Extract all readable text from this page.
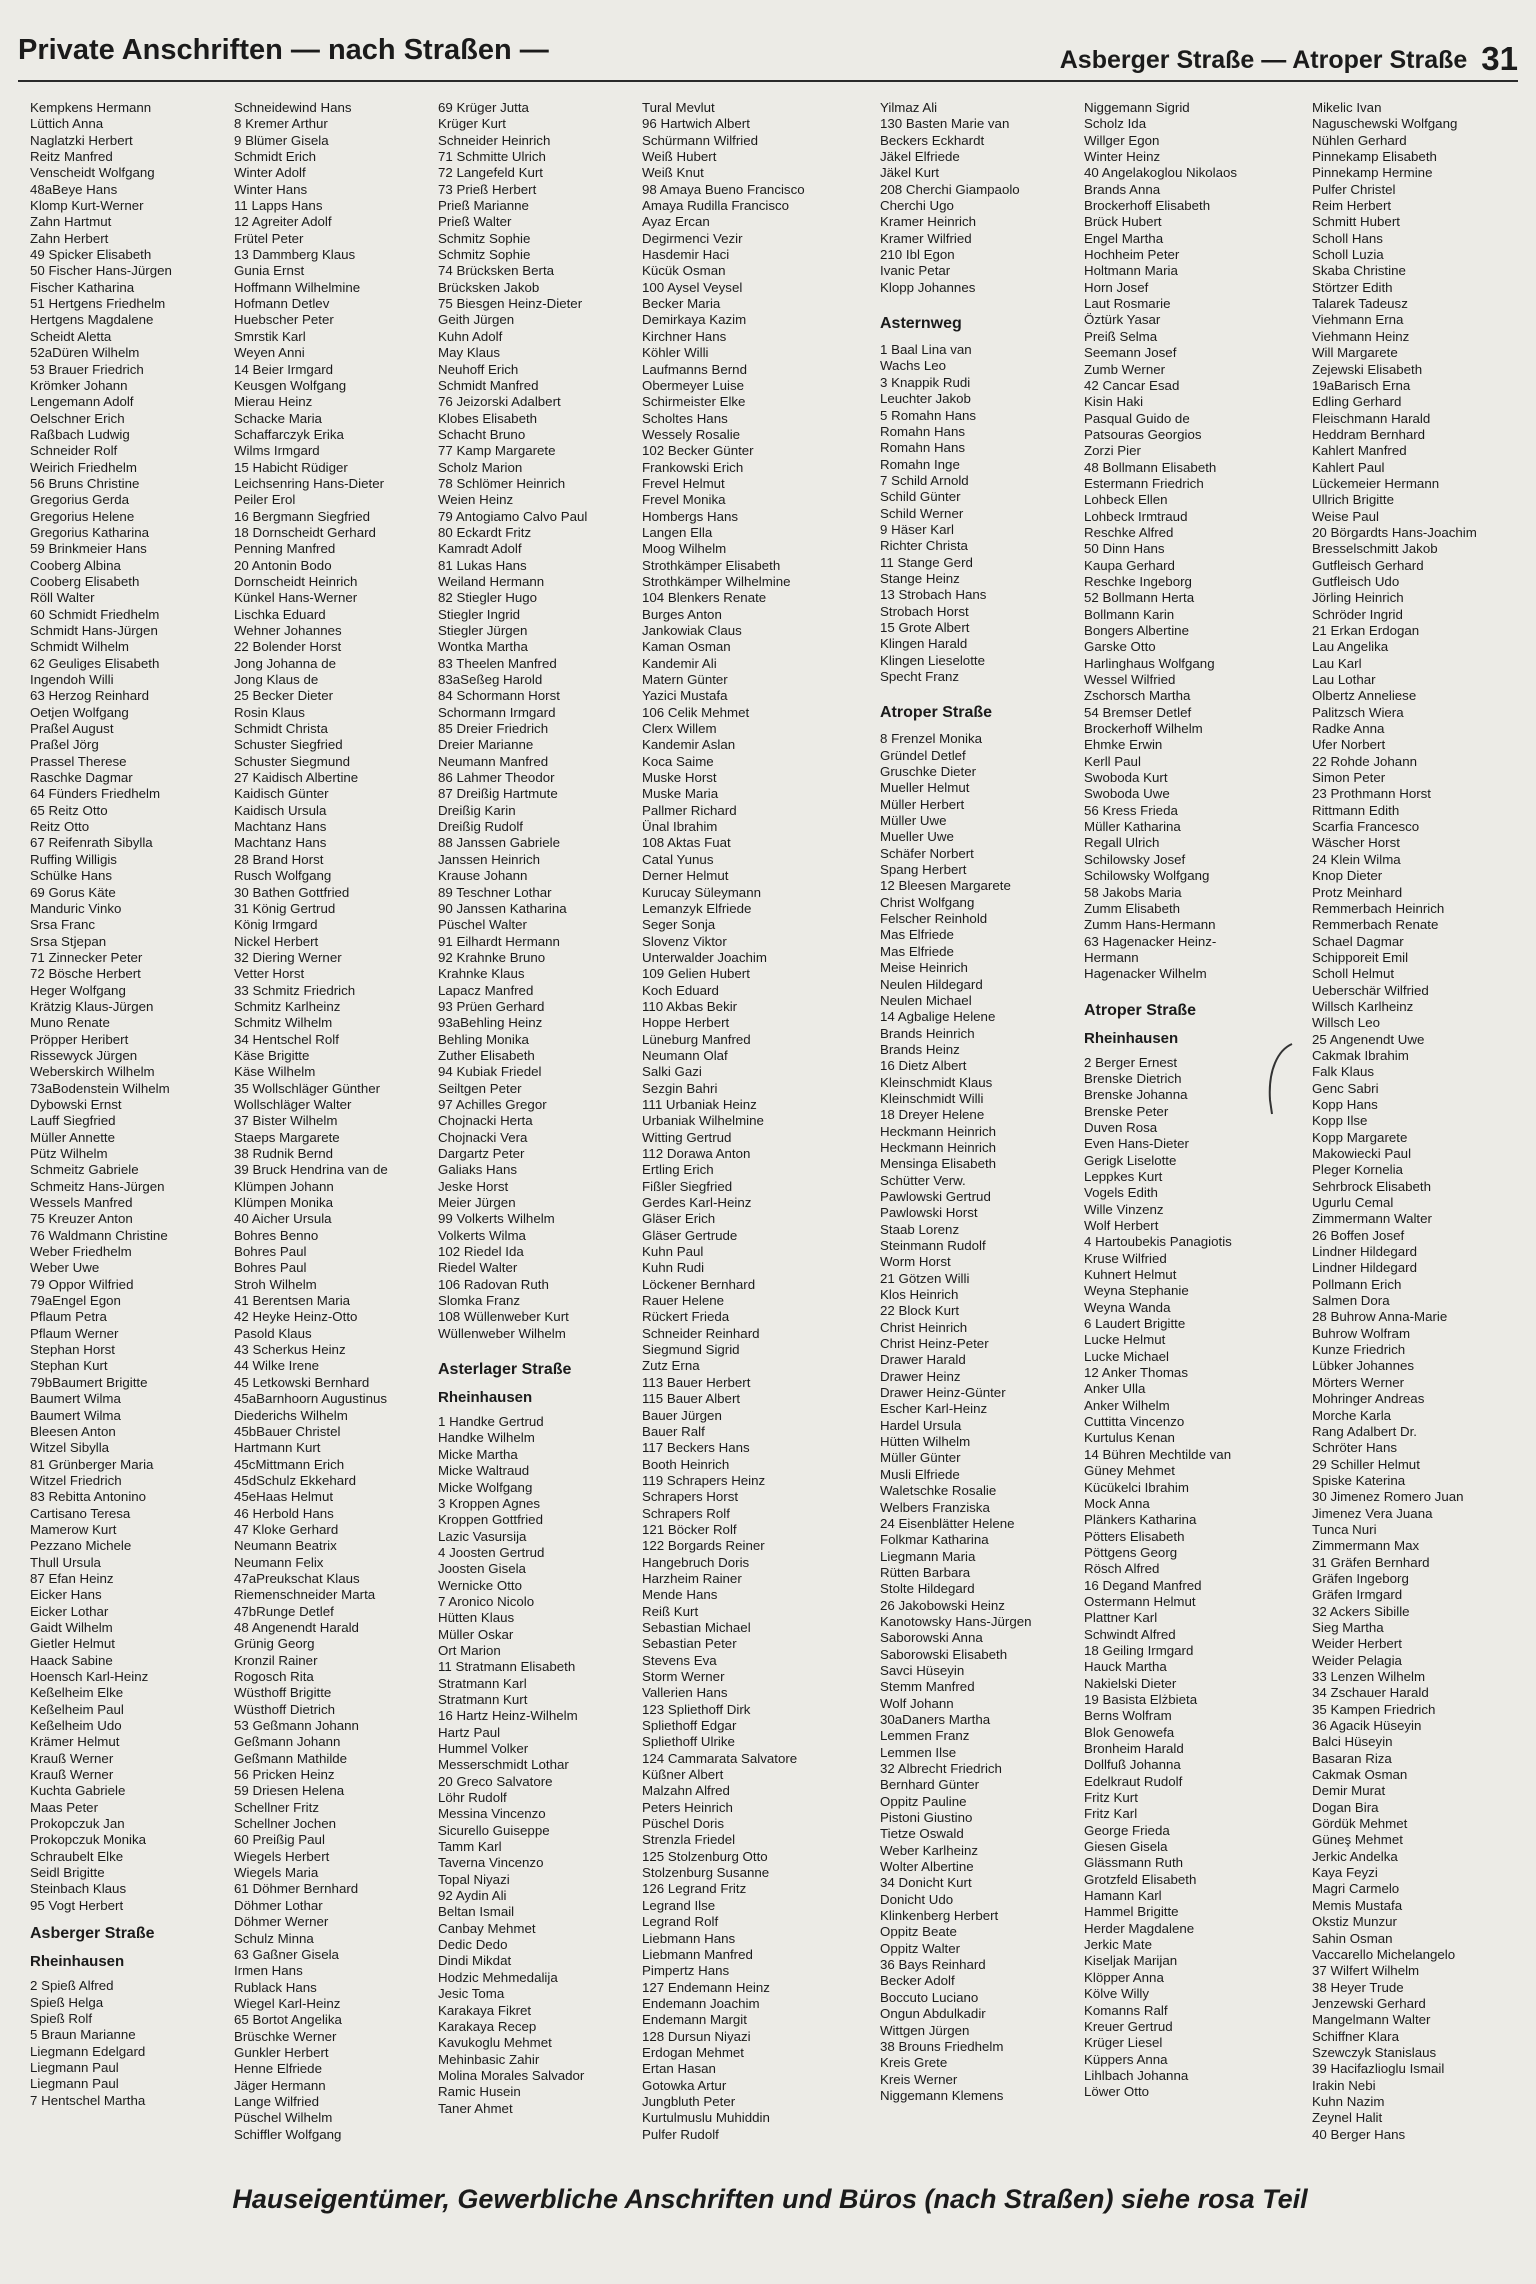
Private Anschriften — nach Straßen —	Asberger Straße — Atroper Straße 31
Kempkens Hermann
Lüttich Anna
Naglatzki Herbert
Reitz Manfred
Venscheidt Wolfgang
48aBeye Hans
Klomp Kurt-Werner
Zahn Hartmut
Zahn Herbert
49 Spicker Elisabeth
50 Fischer Hans-Jürgen
Fischer Katharina
51 Hertgens Friedhelm
Hertgens Magdalene
Scheidt Aletta
52aDüren Wilhelm
53 Brauer Friedrich
Krömker Johann
Lengemann Adolf
Oelschner Erich
Raßbach Ludwig
Schneider Rolf
Weirich Friedhelm
56 Bruns Christine
Gregorius Gerda
Gregorius Helene
Gregorius Katharina
59 Brinkmeier Hans
Cooberg Albina
Cooberg Elisabeth
Röll Walter
60 Schmidt Friedhelm
Schmidt Hans-Jürgen
Schmidt Wilhelm
62 Geuliges Elisabeth
Ingendoh Willi
63 Herzog Reinhard
Oetjen Wolfgang
Praßel August
Praßel Jörg
Prassel Therese
Raschke Dagmar
64 Fünders Friedhelm
65 Reitz Otto
Reitz Otto
67 Reifenrath Sibylla
Ruffing Willigis
Schülke Hans
69 Gorus Käte
Manduric Vinko
Srsa Franc
Srsa Stjepan
71 Zinnecker Peter
72 Bösche Herbert
Heger Wolfgang
Krätzig Klaus-Jürgen
Muno Renate
Pröpper Heribert
Rissewyck Jürgen
Weberskirch Wilhelm
73aBodenstein Wilhelm
Dybowski Ernst
Lauff Siegfried
Müller Annette
Pütz Wilhelm
Schmeitz Gabriele
Schmeitz Hans-Jürgen
Wessels Manfred
75 Kreuzer Anton
76 Waldmann Christine
Weber Friedhelm
Weber Uwe
79 Oppor Wilfried
79aEngel Egon
Pflaum Petra
Pflaum Werner
Stephan Horst
Stephan Kurt
79bBaumert Brigitte
Baumert Wilma
Baumert Wilma
Bleesen Anton
Witzel Sibylla
81 Grünberger Maria
Witzel Friedrich
83 Rebitta Antonino
Cartisano Teresa
Mamerow Kurt
Pezzano Michele
Thull Ursula
87 Efan Heinz
Eicker Hans
Eicker Lothar
Gaidt Wilhelm
Gietler Helmut
Haack Sabine
Hoensch Karl-Heinz
Keßelheim Elke
Keßelheim Paul
Keßelheim Udo
Krämer Helmut
Krauß Werner
Krauß Werner
Kuchta Gabriele
Maas Peter
Prokopczuk Jan
Prokopczuk Monika
Schraubelt Elke
Seidl Brigitte
Steinbach Klaus
95 Vogt Herbert
Asberger Straße
Rheinhausen
2 Spieß Alfred
Spieß Helga
Spieß Rolf
5 Braun Marianne
Liegmann Edelgard
Liegmann Paul
Liegmann Paul
7 Hentschel Martha
Schneidewind Hans
8 Kremer Arthur
9 Blümer Gisela
Schmidt Erich
Winter Adolf
Winter Hans
11 Lapps Hans
12 Agreiter Adolf
Frütel Peter
13 Dammberg Klaus
Gunia Ernst
Hoffmann Wilhelmine
Hofmann Detlev
Huebscher Peter
Smrstik Karl
Weyen Anni
14 Beier Irmgard
Keusgen Wolfgang
Mierau Heinz
Schacke Maria
Schaffarczyk Erika
Wilms Irmgard
15 Habicht Rüdiger
Leichsenring Hans-Dieter
Peiler Erol
16 Bergmann Siegfried
18 Dornscheidt Gerhard
Penning Manfred
20 Antonin Bodo
Dornscheidt Heinrich
Künkel Hans-Werner
Lischka Eduard
Wehner Johannes
22 Bolender Horst
Jong Johanna de
Jong Klaus de
25 Becker Dieter
Rosin Klaus
Schmidt Christa
Schuster Siegfried
Schuster Siegmund
27 Kaidisch Albertine
Kaidisch Günter
Kaidisch Ursula
Machtanz Hans
Machtanz Hans
28 Brand Horst
Rusch Wolfgang
30 Bathen Gottfried
31 König Gertrud
König Irmgard
Nickel Herbert
32 Diering Werner
Vetter Horst
33 Schmitz Friedrich
Schmitz Karlheinz
Schmitz Wilhelm
34 Hentschel Rolf
Käse Brigitte
Käse Wilhelm
35 Wollschläger Günther
Wollschläger Walter
37 Bister Wilhelm
Staeps Margarete
38 Rudnik Bernd
39 Bruck Hendrina van de
Klümpen Johann
Klümpen Monika
40 Aicher Ursula
Bohres Benno
Bohres Paul
Bohres Paul
Stroh Wilhelm
41 Berentsen Maria
42 Heyke Heinz-Otto
Pasold Klaus
43 Scherkus Heinz
44 Wilke Irene
45 Letkowski Bernhard
45aBarnhoorn Augustinus
Diederichs Wilhelm
45bBauer Christel
Hartmann Kurt
45cMittmann Erich
45dSchulz Ekkehard
45eHaas Helmut
46 Herbold Hans
47 Kloke Gerhard
Neumann Beatrix
Neumann Felix
47aPreukschat Klaus
Riemenschneider Marta
47bRunge Detlef
48 Angenendt Harald
Grünig Georg
Kronzil Rainer
Rogosch Rita
Wüsthoff Brigitte
Wüsthoff Dietrich
53 Geßmann Johann
Geßmann Johann
Geßmann Mathilde
56 Pricken Heinz
59 Driesen Helena
Schellner Fritz
Schellner Jochen
60 Preißig Paul
Wiegels Herbert
Wiegels Maria
61 Döhmer Bernhard
Döhmer Lothar
Döhmer Werner
Schulz Minna
63 Gaßner Gisela
Irmen Hans
Rublack Hans
Wiegel Karl-Heinz
65 Bortot Angelika
Brüschke Werner
Gunkler Herbert
Henne Elfriede
Jäger Hermann
Lange Wilfried
Püschel Wilhelm
Schiffler Wolfgang
69 Krüger Jutta
Krüger Kurt
Schneider Heinrich
71 Schmitte Ulrich
72 Langefeld Kurt
73 Prieß Herbert
Prieß Marianne
Prieß Walter
Schmitz Sophie
Schmitz Sophie
74 Brücksken Berta
Brücksken Jakob
75 Biesgen Heinz-Dieter
Geith Jürgen
Kuhn Adolf
May Klaus
Neuhoff Erich
Schmidt Manfred
76 Jeizorski Adalbert
Klobes Elisabeth
Schacht Bruno
77 Kamp Margarete
Scholz Marion
78 Schlömer Heinrich
Weien Heinz
79 Antogiamo Calvo Paul
80 Eckardt Fritz
Kamradt Adolf
81 Lukas Hans
Weiland Hermann
82 Stiegler Hugo
Stiegler Ingrid
Stiegler Jürgen
Wontka Martha
83 Theelen Manfred
83aSeßeg Harold
84 Schormann Horst
Schormann Irmgard
85 Dreier Friedrich
Dreier Marianne
Neumann Manfred
86 Lahmer Theodor
87 Dreißig Hartmute
Dreißig Karin
Dreißig Rudolf
88 Janssen Gabriele
Janssen Heinrich
Krause Johann
89 Teschner Lothar
90 Janssen Katharina
Püschel Walter
91 Eilhardt Hermann
92 Krahnke Bruno
Krahnke Klaus
Lapacz Manfred
93 Prüen Gerhard
93aBehling Heinz
Behling Monika
Zuther Elisabeth
94 Kubiak Friedel
Seiltgen Peter
97 Achilles Gregor
Chojnacki Herta
Chojnacki Vera
Dargartz Peter
Galiaks Hans
Jeske Horst
Meier Jürgen
99 Volkerts Wilhelm
Volkerts Wilma
102 Riedel Ida
Riedel Walter
106 Radovan Ruth
Slomka Franz
108 Wüllenweber Kurt
Wüllenweber Wilhelm
Asterlager Straße
Rheinhausen
1 Handke Gertrud
Handke Wilhelm
Micke Martha
Micke Waltraud
Micke Wolfgang
3 Kroppen Agnes
Kroppen Gottfried
Lazic Vasursija
4 Joosten Gertrud
Joosten Gisela
Wernicke Otto
7 Aronico Nicolo
Hütten Klaus
Müller Oskar
Ort Marion
11 Stratmann Elisabeth
Stratmann Karl
Stratmann Kurt
16 Hartz Heinz-Wilhelm
Hartz Paul
Hummel Volker
Messerschmidt Lothar
20 Greco Salvatore
Löhr Rudolf
Messina Vincenzo
Sicurello Guiseppe
Tamm Karl
Taverna Vincenzo
Topal Niyazi
92 Aydin Ali
Beltan Ismail
Canbay Mehmet
Dedic Dedo
Dindi Mikdat
Hodzic Mehmedalija
Jesic Toma
Karakaya Fikret
Karakaya Recep
Kavukoglu Mehmet
Mehinbasic Zahir
Molina Morales Salvador
Ramic Husein
Taner Ahmet
Tural Mevlut
96 Hartwich Albert
Schürmann Wilfried
Weiß Hubert
Weiß Knut
98 Amaya Bueno Francisco
Amaya Rudilla Francisco
Ayaz Ercan
Degirmenci Vezir
Hasdemir Haci
Kücük Osman
100 Aysel Veysel
Becker Maria
Demirkaya Kazim
Kirchner Hans
Köhler Willi
Laufmanns Bernd
Obermeyer Luise
Schirmeister Elke
Scholtes Hans
Wessely Rosalie
102 Becker Günter
Frankowski Erich
Frevel Helmut
Frevel Monika
Hombergs Hans
Langen Ella
Moog Wilhelm
Strothkämper Elisabeth
Strothkämper Wilhelmine
104 Blenkers Renate
Burges Anton
Jankowiak Claus
Kaman Osman
Kandemir Ali
Matern Günter
Yazici Mustafa
106 Celik Mehmet
Clerx Willem
Kandemir Aslan
Koca Saime
Muske Horst
Muske Maria
Pallmer Richard
Ünal Ibrahim
108 Aktas Fuat
Catal Yunus
Derner Helmut
Kurucay Süleymann
Lemanzyk Elfriede
Seger Sonja
Slovenz Viktor
Unterwalder Joachim
109 Gelien Hubert
Koch Eduard
110 Akbas Bekir
Hoppe Herbert
Lüneburg Manfred
Neumann Olaf
Salki Gazi
Sezgin Bahri
111 Urbaniak Heinz
Urbaniak Wilhelmine
Witting Gertrud
112 Dorawa Anton
Ertling Erich
Fißler Siegfried
Gerdes Karl-Heinz
Gläser Erich
Gläser Gertrude
Kuhn Paul
Kuhn Rudi
Löckener Bernhard
Rauer Helene
Rückert Frieda
Schneider Reinhard
Siegmund Sigrid
Zutz Erna
113 Bauer Herbert
115 Bauer Albert
Bauer Jürgen
Bauer Ralf
117 Beckers Hans
Booth Heinrich
119 Schrapers Heinz
Schrapers Horst
Schrapers Rolf
121 Böcker Rolf
122 Borgards Reiner
Hangebruch Doris
Harzheim Rainer
Mende Hans
Reiß Kurt
Sebastian Michael
Sebastian Peter
Stevens Eva
Storm Werner
Vallerien Hans
123 Spliethoff Dirk
Spliethoff Edgar
Spliethoff Ulrike
124 Cammarata Salvatore
Küßner Albert
Malzahn Alfred
Peters Heinrich
Püschel Doris
Strenzla Friedel
125 Stolzenburg Otto
Stolzenburg Susanne
126 Legrand Fritz
Legrand Ilse
Legrand Rolf
Liebmann Hans
Liebmann Manfred
Pimpertz Hans
127 Endemann Heinz
Endemann Joachim
Endemann Margit
128 Dursun Niyazi
Erdogan Mehmet
Ertan Hasan
Gotowka Artur
Jungbluth Peter
Kurtulmuslu Muhiddin
Pulfer Rudolf
Yilmaz Ali
130 Basten Marie van
Beckers Eckhardt
Jäkel Elfriede
Jäkel Kurt
208 Cherchi Giampaolo
Cherchi Ugo
Kramer Heinrich
Kramer Wilfried
210 Ibl Egon
Ivanic Petar
Klopp Johannes
Asternweg
1 Baal Lina van
Wachs Leo
3 Knappik Rudi
Leuchter Jakob
5 Romahn Hans
Romahn Hans
Romahn Hans
Romahn Inge
7 Schild Arnold
Schild Günter
Schild Werner
9 Häser Karl
Richter Christa
11 Stange Gerd
Stange Heinz
13 Strobach Hans
Strobach Horst
15 Grote Albert
Klingen Harald
Klingen Lieselotte
Specht Franz
Atroper Straße
8 Frenzel Monika
Gründel Detlef
Gruschke Dieter
Mueller Helmut
Müller Herbert
Müller Uwe
Mueller Uwe
Schäfer Norbert
Spang Herbert
12 Bleesen Margarete
Christ Wolfgang
Felscher Reinhold
Mas Elfriede
Mas Elfriede
Meise Heinrich
Neulen Hildegard
Neulen Michael
14 Agbalige Helene
Brands Heinrich
Brands Heinz
16 Dietz Albert
Kleinschmidt Klaus
Kleinschmidt Willi
18 Dreyer Helene
Heckmann Heinrich
Heckmann Heinrich
Mensinga Elisabeth
Schütter Verw.
Pawlowski Gertrud
Pawlowski Horst
Staab Lorenz
Steinmann Rudolf
Worm Horst
21 Götzen Willi
Klos Heinrich
22 Block Kurt
Christ Heinrich
Christ Heinz-Peter
Drawer Harald
Drawer Heinz
Drawer Heinz-Günter
Escher Karl-Heinz
Hardel Ursula
Hütten Wilhelm
Müller Günter
Musli Elfriede
Waletschke Rosalie
Welbers Franziska
24 Eisenblätter Helene
Folkmar Katharina
Liegmann Maria
Rütten Barbara
Stolte Hildegard
26 Jakobowski Heinz
Kanotowsky Hans-Jürgen
Saborowski Anna
Saborowski Elisabeth
Savci Hüseyin
Stemm Manfred
Wolf Johann
30aDaners Martha
Lemmen Franz
Lemmen Ilse
32 Albrecht Friedrich
Bernhard Günter
Oppitz Pauline
Pistoni Giustino
Tietze Oswald
Weber Karlheinz
Wolter Albertine
34 Donicht Kurt
Donicht Udo
Klinkenberg Herbert
Oppitz Beate
Oppitz Walter
36 Bays Reinhard
Becker Adolf
Boccuto Luciano
Ongun Abdulkadir
Wittgen Jürgen
38 Brouns Friedhelm
Kreis Grete
Kreis Werner
Niggemann Klemens
Niggemann Sigrid
Scholz Ida
Willger Egon
Winter Heinz
40 Angelakoglou Nikolaos
Brands Anna
Brockerhoff Elisabeth
Brück Hubert
Engel Martha
Hochheim Peter
Holtmann Maria
Horn Josef
Laut Rosmarie
Öztürk Yasar
Preiß Selma
Seemann Josef
Zumb Werner
42 Cancar Esad
Kisin Haki
Pasqual Guido de
Patsouras Georgios
Zorzi Pier
48 Bollmann Elisabeth
Estermann Friedrich
Lohbeck Ellen
Lohbeck Irmtraud
Reschke Alfred
50 Dinn Hans
Kaupa Gerhard
Reschke Ingeborg
52 Bollmann Herta
Bollmann Karin
Bongers Albertine
Garske Otto
Harlinghaus Wolfgang
Wessel Wilfried
Zschorsch Martha
54 Bremser Detlef
Brockerhoff Wilhelm
Ehmke Erwin
Kerll Paul
Swoboda Kurt
Swoboda Uwe
56 Kress Frieda
Müller Katharina
Regall Ulrich
Schilowsky Josef
Schilowsky Wolfgang
58 Jakobs Maria
Zumm Elisabeth
Zumm Hans-Hermann
63 Hagenacker Heinz-
Hermann
Hagenacker Wilhelm
Atroper Straße
Rheinhausen
2 Berger Ernest
Brenske Dietrich
Brenske Johanna
Brenske Peter
Duven Rosa
Even Hans-Dieter
Gerigk Liselotte
Leppkes Kurt
Vogels Edith
Wille Vinzenz
Wolf Herbert
4 Hartoubekis Panagiotis
Kruse Wilfried
Kuhnert Helmut
Weyna Stephanie
Weyna Wanda
6 Laudert Brigitte
Lucke Helmut
Lucke Michael
12 Anker Thomas
Anker Ulla
Anker Wilhelm
Cuttitta Vincenzo
Kurtulus Kenan
14 Bühren Mechtilde van
Güney Mehmet
Kücükelci Ibrahim
Mock Anna
Plänkers Katharina
Pötters Elisabeth
Pöttgens Georg
Rösch Alfred
16 Degand Manfred
Ostermann Helmut
Plattner Karl
Schwindt Alfred
18 Geiling Irmgard
Hauck Martha
Nakielski Dieter
19 Basista Elżbieta
Berns Wolfram
Blok Genowefa
Bronheim Harald
Dollfuß Johanna
Edelkraut Rudolf
Fritz Kurt
Fritz Karl
George Frieda
Giesen Gisela
Glässmann Ruth
Grotzfeld Elisabeth
Hamann Karl
Hammel Brigitte
Herder Magdalene
Jerkic Mate
Kiseljak Marijan
Klöpper Anna
Kölve Willy
Komanns Ralf
Kreuer Gertrud
Krüger Liesel
Küppers Anna
Lihlbach Johanna
Löwer Otto
Mikelic Ivan
Naguschewski Wolfgang
Nühlen Gerhard
Pinnekamp Elisabeth
Pinnekamp Hermine
Pulfer Christel
Reim Herbert
Schmitt Hubert
Scholl Hans
Scholl Luzia
Skaba Christine
Störtzer Edith
Talarek Tadeusz
Viehmann Erna
Viehmann Heinz
Will Margarete
Zejewski Elisabeth
19aBarisch Erna
Edling Gerhard
Fleischmann Harald
Heddram Bernhard
Kahlert Manfred
Kahlert Paul
Lückemeier Hermann
Ullrich Brigitte
Weise Paul
20 Börgardts Hans-Joachim
Bresselschmitt Jakob
Gutfleisch Gerhard
Gutfleisch Udo
Jörling Heinrich
Schröder Ingrid
21 Erkan Erdogan
Lau Angelika
Lau Karl
Lau Lothar
Olbertz Anneliese
Palitzsch Wiera
Radke Anna
Ufer Norbert
22 Rohde Johann
Simon Peter
23 Prothmann Horst
Rittmann Edith
Scarfia Francesco
Wäscher Horst
24 Klein Wilma
Knop Dieter
Protz Meinhard
Remmerbach Heinrich
Remmerbach Renate
Schael Dagmar
Schipporeit Emil
Scholl Helmut
Ueberschär Wilfried
Willsch Karlheinz
Willsch Leo
25 Angenendt Uwe
Cakmak Ibrahim
Falk Klaus
Genc Sabri
Kopp Hans
Kopp Ilse
Kopp Margarete
Makowiecki Paul
Pleger Kornelia
Sehrbrock Elisabeth
Ugurlu Cemal
Zimmermann Walter
26 Boffen Josef
Lindner Hildegard
Lindner Hildegard
Pollmann Erich
Salmen Dora
28 Buhrow Anna-Marie
Buhrow Wolfram
Kunze Friedrich
Lübker Johannes
Mörters Werner
Mohringer Andreas
Morche Karla
Rang Adalbert Dr.
Schröter Hans
29 Schiller Helmut
Spiske Katerina
30 Jimenez Romero Juan
Jimenez Vera Juana
Tunca Nuri
Zimmermann Max
31 Gräfen Bernhard
Gräfen Ingeborg
Gräfen Irmgard
32 Ackers Sibille
Sieg Martha
Weider Herbert
Weider Pelagia
33 Lenzen Wilhelm
34 Zschauer Harald
35 Kampen Friedrich
36 Agacik Hüseyin
Balci Hüseyin
Basaran Riza
Cakmak Osman
Demir Murat
Dogan Bira
Gördük Mehmet
Güneş Mehmet
Jerkic Andelka
Kaya Feyzi
Magri Carmelo
Memis Mustafa
Okstiz Munzur
Sahin Osman
Vaccarello Michelangelo
37 Wilfert Wilhelm
38 Heyer Trude
Jenzewski Gerhard
Mangelmann Walter
Schiffner Klara
Szewczyk Stanislaus
39 Hacifazlioglu Ismail
Irakin Nebi
Kuhn Nazim
Zeynel Halit
40 Berger Hans
Hauseigentümer, Gewerbliche Anschriften und Büros (nach Straßen) siehe rosa Teil
